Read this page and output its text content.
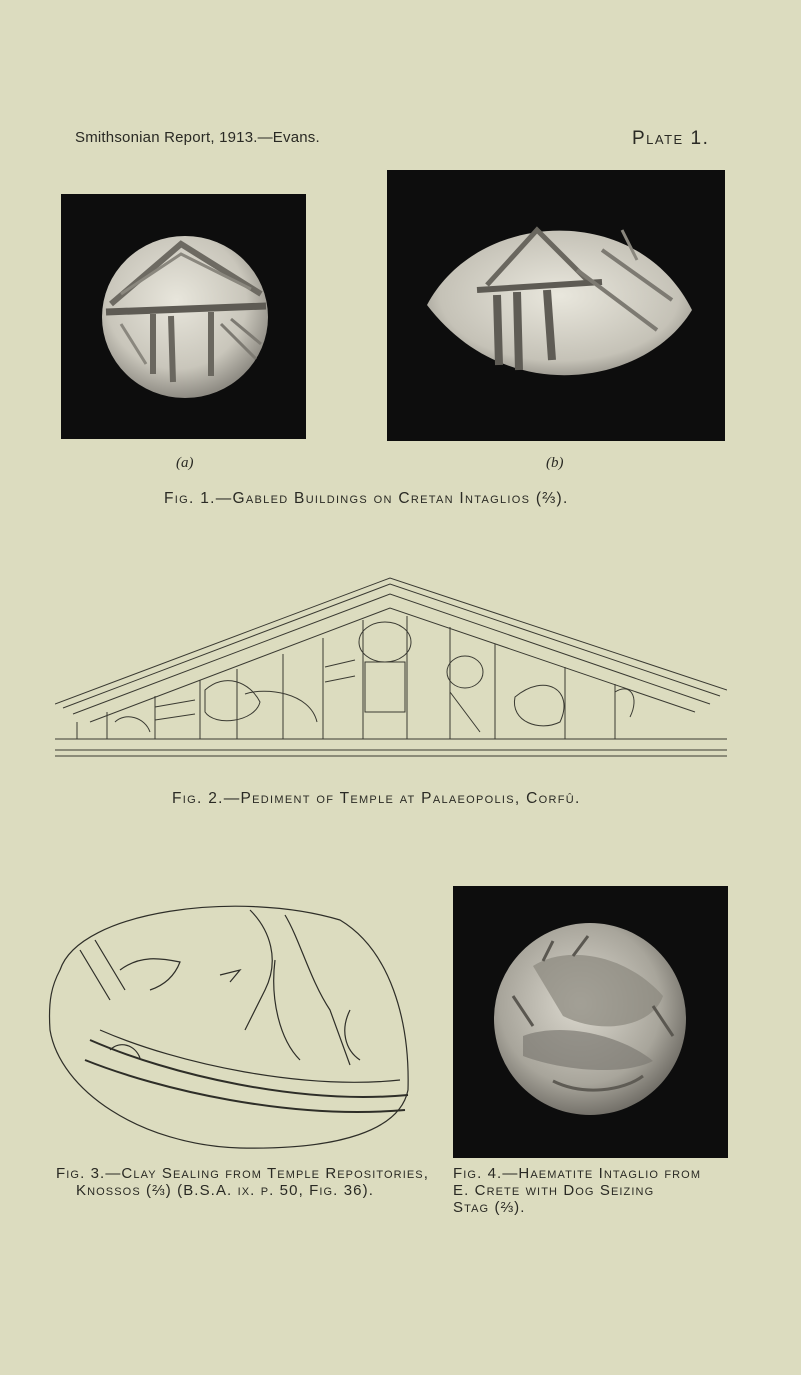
Smithsonian Report, 1913.—Evans.	Plate 1.
(a)	(b)
Fig. 1.—Gabled Buildings on Cretan Intaglios (⅔).
Fig. 2.—Pediment of Temple at Palaeopolis, Corfû.
Fig. 3.—Clay Sealing from Temple Repositories,
Knossos (⅔) (B.S.A. ix. p. 50, Fig. 36).
Fig. 4.—Haematite Intaglio from
E. Crete with Dog Seizing
Stag (⅔).
